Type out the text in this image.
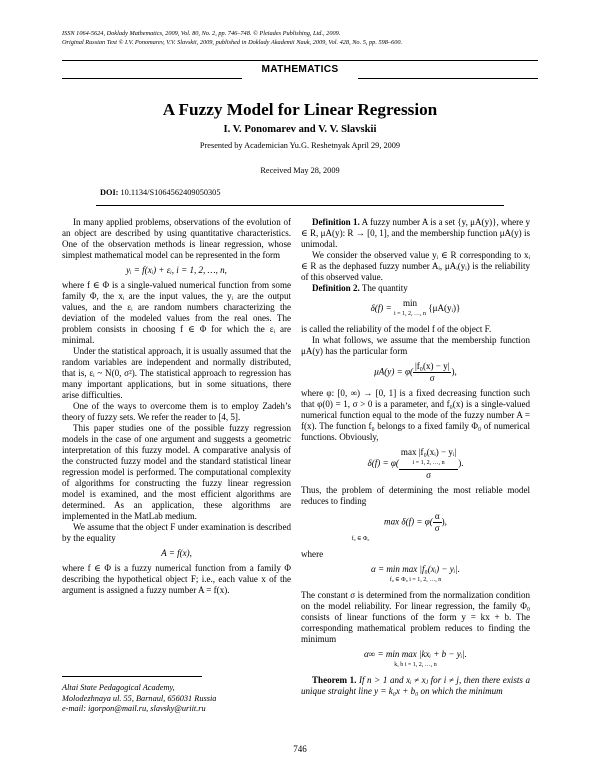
ISSN 1064-5624, Doklady Mathematics, 2009, Vol. 80, No. 2, pp. 746–748. © Pleiades Publishing, Ltd., 2009.
Original Russian Text © I.V. Ponomarev, V.V. Slavskii, 2009, published in Doklady Akademii Nauk, 2009, Vol. 428, No. 5, pp. 598–600.
MATHEMATICS
A Fuzzy Model for Linear Regression
I. V. Ponomarev and V. V. Slavskii
Presented by Academician Yu.G. Reshetnyak April 29, 2009
Received May 28, 2009
DOI: 10.1134/S1064562409050305

In many applied problems, observations of the evolution of an object are described by using quantitative characteristics. One of the observation methods is linear regression, whose simplest mathematical model can be represented in the form

yᵢ = f(xᵢ) + εᵢ, i = 1, 2, …, n,

where f ∈ Φ is a single-valued numerical function from some family Φ, the xᵢ are the input values, the yᵢ are the output values, and the εᵢ are random numbers characterizing the deviation of the modeled values from the real ones. The problem consists in choosing f ∈ Φ for which the εᵢ are minimal.

Under the statistical approach, it is usually assumed that the random variables are independent and normally distributed, that is, εᵢ ~ N(0, σ²). The statistical approach to regression has many important applications, but in some situations, there arise difficulties.

One of the ways to overcome them is to employ Zadeh’s theory of fuzzy sets. We refer the reader to [4, 5].

This paper studies one of the possible fuzzy regression models in the case of one argument and suggests a geometric interpretation of this fuzzy model. A comparative analysis of the constructed fuzzy model and the standard statistical linear regression model is performed. The computational complexity of algorithms for constructing the fuzzy linear regression model is examined, and the most efficient algorithms are determined. As an application, these algorithms are implemented in the MatLab medium.

We assume that the object F under examination is described by the equality

A = f(x),

where f ∈ Φ is a fuzzy numerical function from a family Φ describing the hypothetical object F; i.e., each value x of the argument is assigned a fuzzy number A = f(x).

Definition 1. A fuzzy number A is a set {y, μA(y)}, where y ∈ R, μA(y): R → [0, 1], and the membership function μA(y) is unimodal.

We consider the observed value yᵢ ∈ R corresponding to xᵢ ∈ R as the dephased fuzzy number Aᵢ, μAᵢ(yᵢ) is the reliability of this observed value.

Definition 2. The quantity

δ(f) = min
i = 1, 2, …, n
{μA(yᵢ)}

is called the reliability of the model f of the object F.

In what follows, we assume that the membership function μA(y) has the particular form

$\mu A(y) = \varphi( \frac{\text{|f₀(x) − y|}}{\sigma}$ ),

where φ: [0, ∞) → [0, 1] is a fixed decreasing function such that φ(0) = 1, σ > 0 is a parameter, and f₀(x) is a single-valued numerical function equal to the mode of the fuzzy number A = f(x). The function f₀ belongs to a fixed family Φ₀ of numerical functions. Obviously,

δ(f) = φ( max |f₀(xᵢ) − yᵢ|
i = 1, 2, …, n
σ ).

Thus, the problem of determining the most reliable model reduces to finding

$\max \delta(f) = \varphi( \frac{\alpha}{\sigma}$ ),
f₀ ∈ Φ₀

where

α = min max |f₀(xᵢ) − yᵢ|.
f₀ ∈ Φ₀ i = 1, 2, …, n

The constant σ is determined from the normalization condition on the model reliability. For linear regression, the family Φ₀ consists of linear functions of the form y = kx + b. The corresponding mathematical problem reduces to finding the minimum

α∞ = min max |kxᵢ + b − yᵢ|.
k, b i = 1, 2, …, n

Theorem 1. If n > 1 and xᵢ ≠ xⱼ for i ≠ j, then there exists a unique straight line y = k₀x + b₀ on which the minimum

Altai State Pedagogical Academy,
Molodezhnaya ul. 55, Barnaul, 656031 Russia
e-mail: igorpon@mail.ru, slavsky@uriit.ru
746
